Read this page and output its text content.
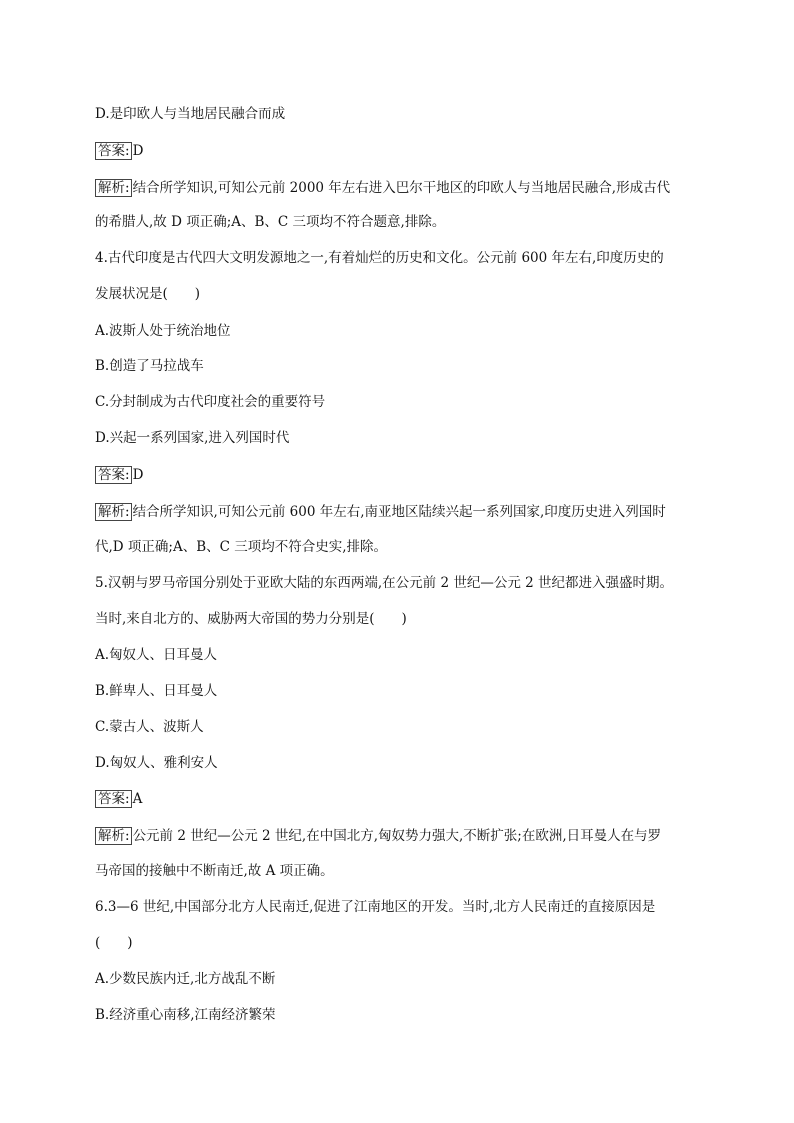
D.是印欧人与当地居民融合而成
答案: D
解析: 结合所学知识,可知公元前 2000 年左右进入巴尔干地区的印欧人与当地居民融合,形成古代
的希腊人,故 D 项正确;A、B、C 三项均不符合题意,排除。
4.古代印度是古代四大文明发源地之一,有着灿烂的历史和文化。公元前 600 年左右,印度历史的
发展状况是(　　)
A.波斯人处于统治地位
B.创造了马拉战车
C.分封制成为古代印度社会的重要符号
D.兴起一系列国家,进入列国时代
答案: D
解析: 结合所学知识,可知公元前 600 年左右,南亚地区陆续兴起一系列国家,印度历史进入列国时
代,D 项正确;A、B、C 三项均不符合史实,排除。
5.汉朝与罗马帝国分别处于亚欧大陆的东西两端,在公元前 2 世纪—公元 2 世纪都进入强盛时期。
当时,来自北方的、威胁两大帝国的势力分别是(　　)
A.匈奴人、日耳曼人
B.鲜卑人、日耳曼人
C.蒙古人、波斯人
D.匈奴人、雅利安人
答案: A
解析: 公元前 2 世纪—公元 2 世纪,在中国北方,匈奴势力强大,不断扩张;在欧洲,日耳曼人在与罗
马帝国的接触中不断南迁,故 A 项正确。
6.3—6 世纪,中国部分北方人民南迁,促进了江南地区的开发。当时,北方人民南迁的直接原因是
(　　)
A.少数民族内迁,北方战乱不断
B.经济重心南移,江南经济繁荣
